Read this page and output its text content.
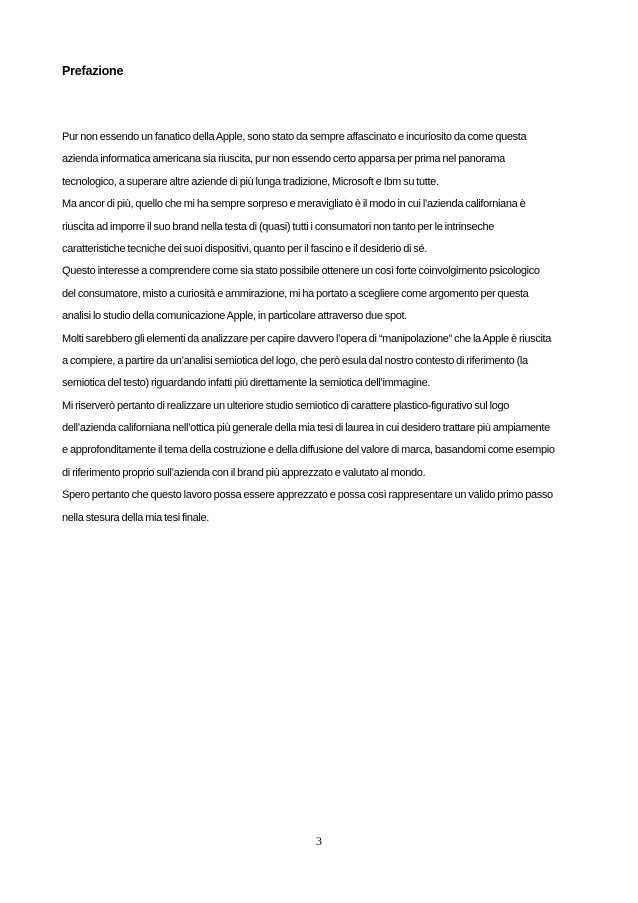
Prefazione
Pur non essendo un fanatico della Apple, sono stato da sempre affascinato e incuriosito da come questa
azienda informatica americana sia riuscita, pur non essendo certo apparsa per prima nel panorama
tecnologico, a superare altre aziende di più lunga tradizione, Microsoft e Ibm su tutte.
Ma ancor di più, quello che mi ha sempre sorpreso e meravigliato è il modo in cui l’azienda californiana è
riuscita ad imporre il suo brand nella testa di (quasi) tutti i consumatori non tanto per le intrinseche
caratteristiche tecniche dei suoi dispositivi, quanto per il fascino e il desiderio di sé.
Questo interesse a comprendere come sia stato possibile ottenere un così forte coinvolgimento psicologico
del consumatore, misto a curiosità e ammirazione, mi ha portato a scegliere come argomento per questa
analisi lo studio della comunicazione Apple, in particolare attraverso due spot.
Molti sarebbero gli elementi da analizzare per capire davvero l’opera di “manipolazione” che la Apple è riuscita
a compiere, a partire da un’analisi semiotica del logo, che però esula dal nostro contesto di riferimento (la
semiotica del testo) riguardando infatti più direttamente la semiotica dell’immagine.
Mi riserverò pertanto di realizzare un ulteriore studio semiotico di carattere plastico-figurativo sul logo
dell’azienda californiana nell’ottica più generale della mia tesi di laurea in cui desidero trattare più ampiamente
e approfonditamente il tema della costruzione e della diffusione del valore di marca, basandomi come esempio
di riferimento proprio sull’azienda con il brand più apprezzato e valutato al mondo.
Spero pertanto che questo lavoro possa essere apprezzato e possa così rappresentare un valido primo passo
nella stesura della mia tesi finale.
3
